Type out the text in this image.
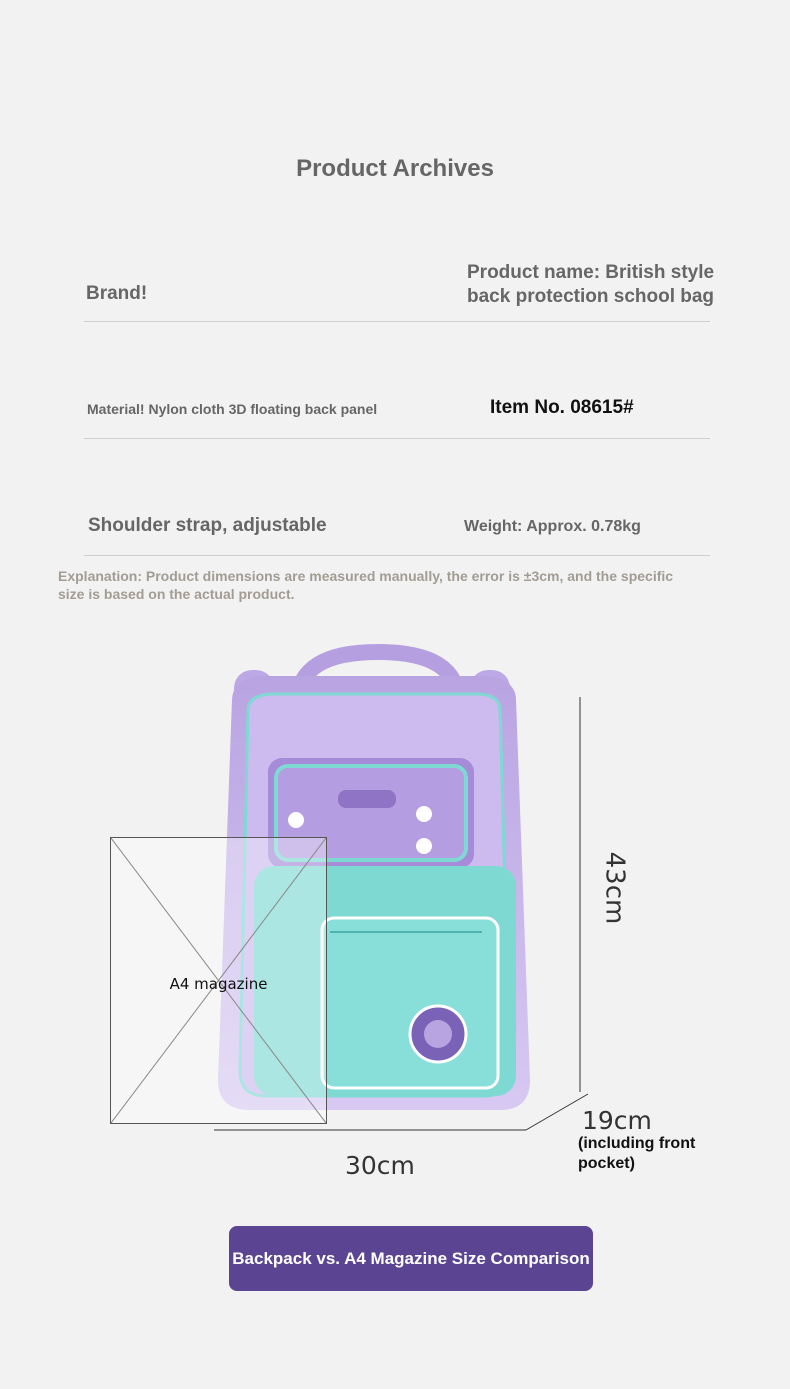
Product Archives
Brand!
Product name: British style back protection school bag
Material! Nylon cloth 3D floating back panel	Item No. 08615#
Shoulder strap, adjustable	Weight: Approx. 0.78kg
Explanation: Product dimensions are measured manually, the error is ±3cm, and the specific size is based on the actual product.
A4 magazine
43cm
30cm
19cm
(including front pocket)
Backpack vs. A4 Magazine Size Comparison
